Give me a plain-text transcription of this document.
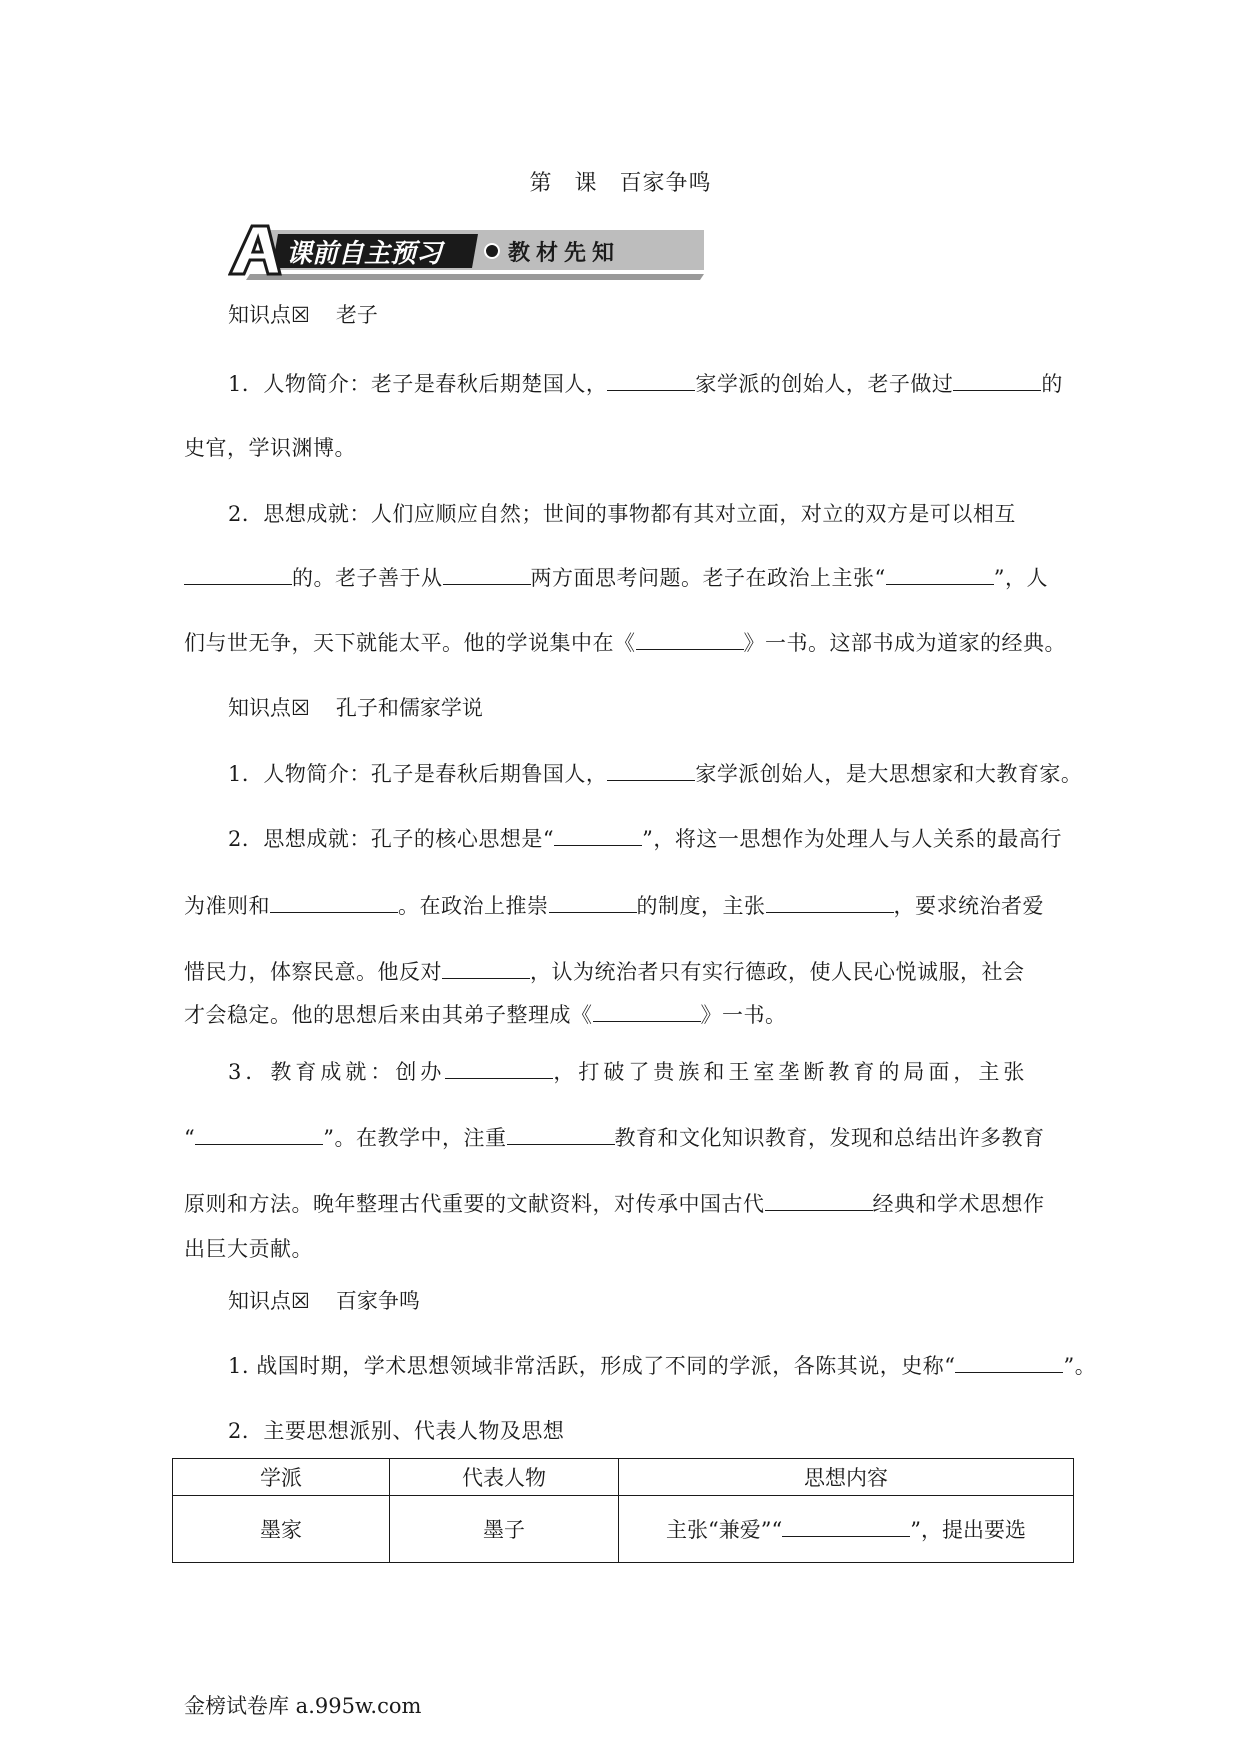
第 课 百家争鸣
课前自主预习	教材先知
知识点☒ 老子
1．人物简介：老子是春秋后期楚国人，	家学派的创始人，老子做过	的
史官，学识渊博。
2．思想成就：人们应顺应自然；世间的事物都有其对立面，对立的双方是可以相互
的。老子善于从	两方面思考问题。老子在政治上主张“	”，人
们与世无争，天下就能太平。他的学说集中在《	》一书。这部书成为道家的经典。
知识点☒ 孔子和儒家学说
1．人物简介：孔子是春秋后期鲁国人，	家学派创始人，是大思想家和大教育家。
2．思想成就：孔子的核心思想是“	”，将这一思想作为处理人与人关系的最高行
为准则和	。在政治上推崇	的制度，主张	，要求统治者爱
惜民力，体察民意。他反对	，认为统治者只有实行德政，使人民心悦诚服，社会
才会稳定。他的思想后来由其弟子整理成《	》一书。
3．教育成就：创办	，打破了贵族和王室垄断教育的局面，主张
“	”。在教学中，注重	教育和文化知识教育，发现和总结出许多教育
原则和方法。晚年整理古代重要的文献资料，对传承中国古代	经典和学术思想作
出巨大贡献。
知识点☒ 百家争鸣
1. 战国时期，学术思想领域非常活跃，形成了不同的学派，各陈其说，史称“	”。
2．主要思想派别、代表人物及思想
学派	代表人物	思想内容
墨家	墨子	主张“兼爱”“ ”，提出要选
金榜试卷库 a.995w.com
